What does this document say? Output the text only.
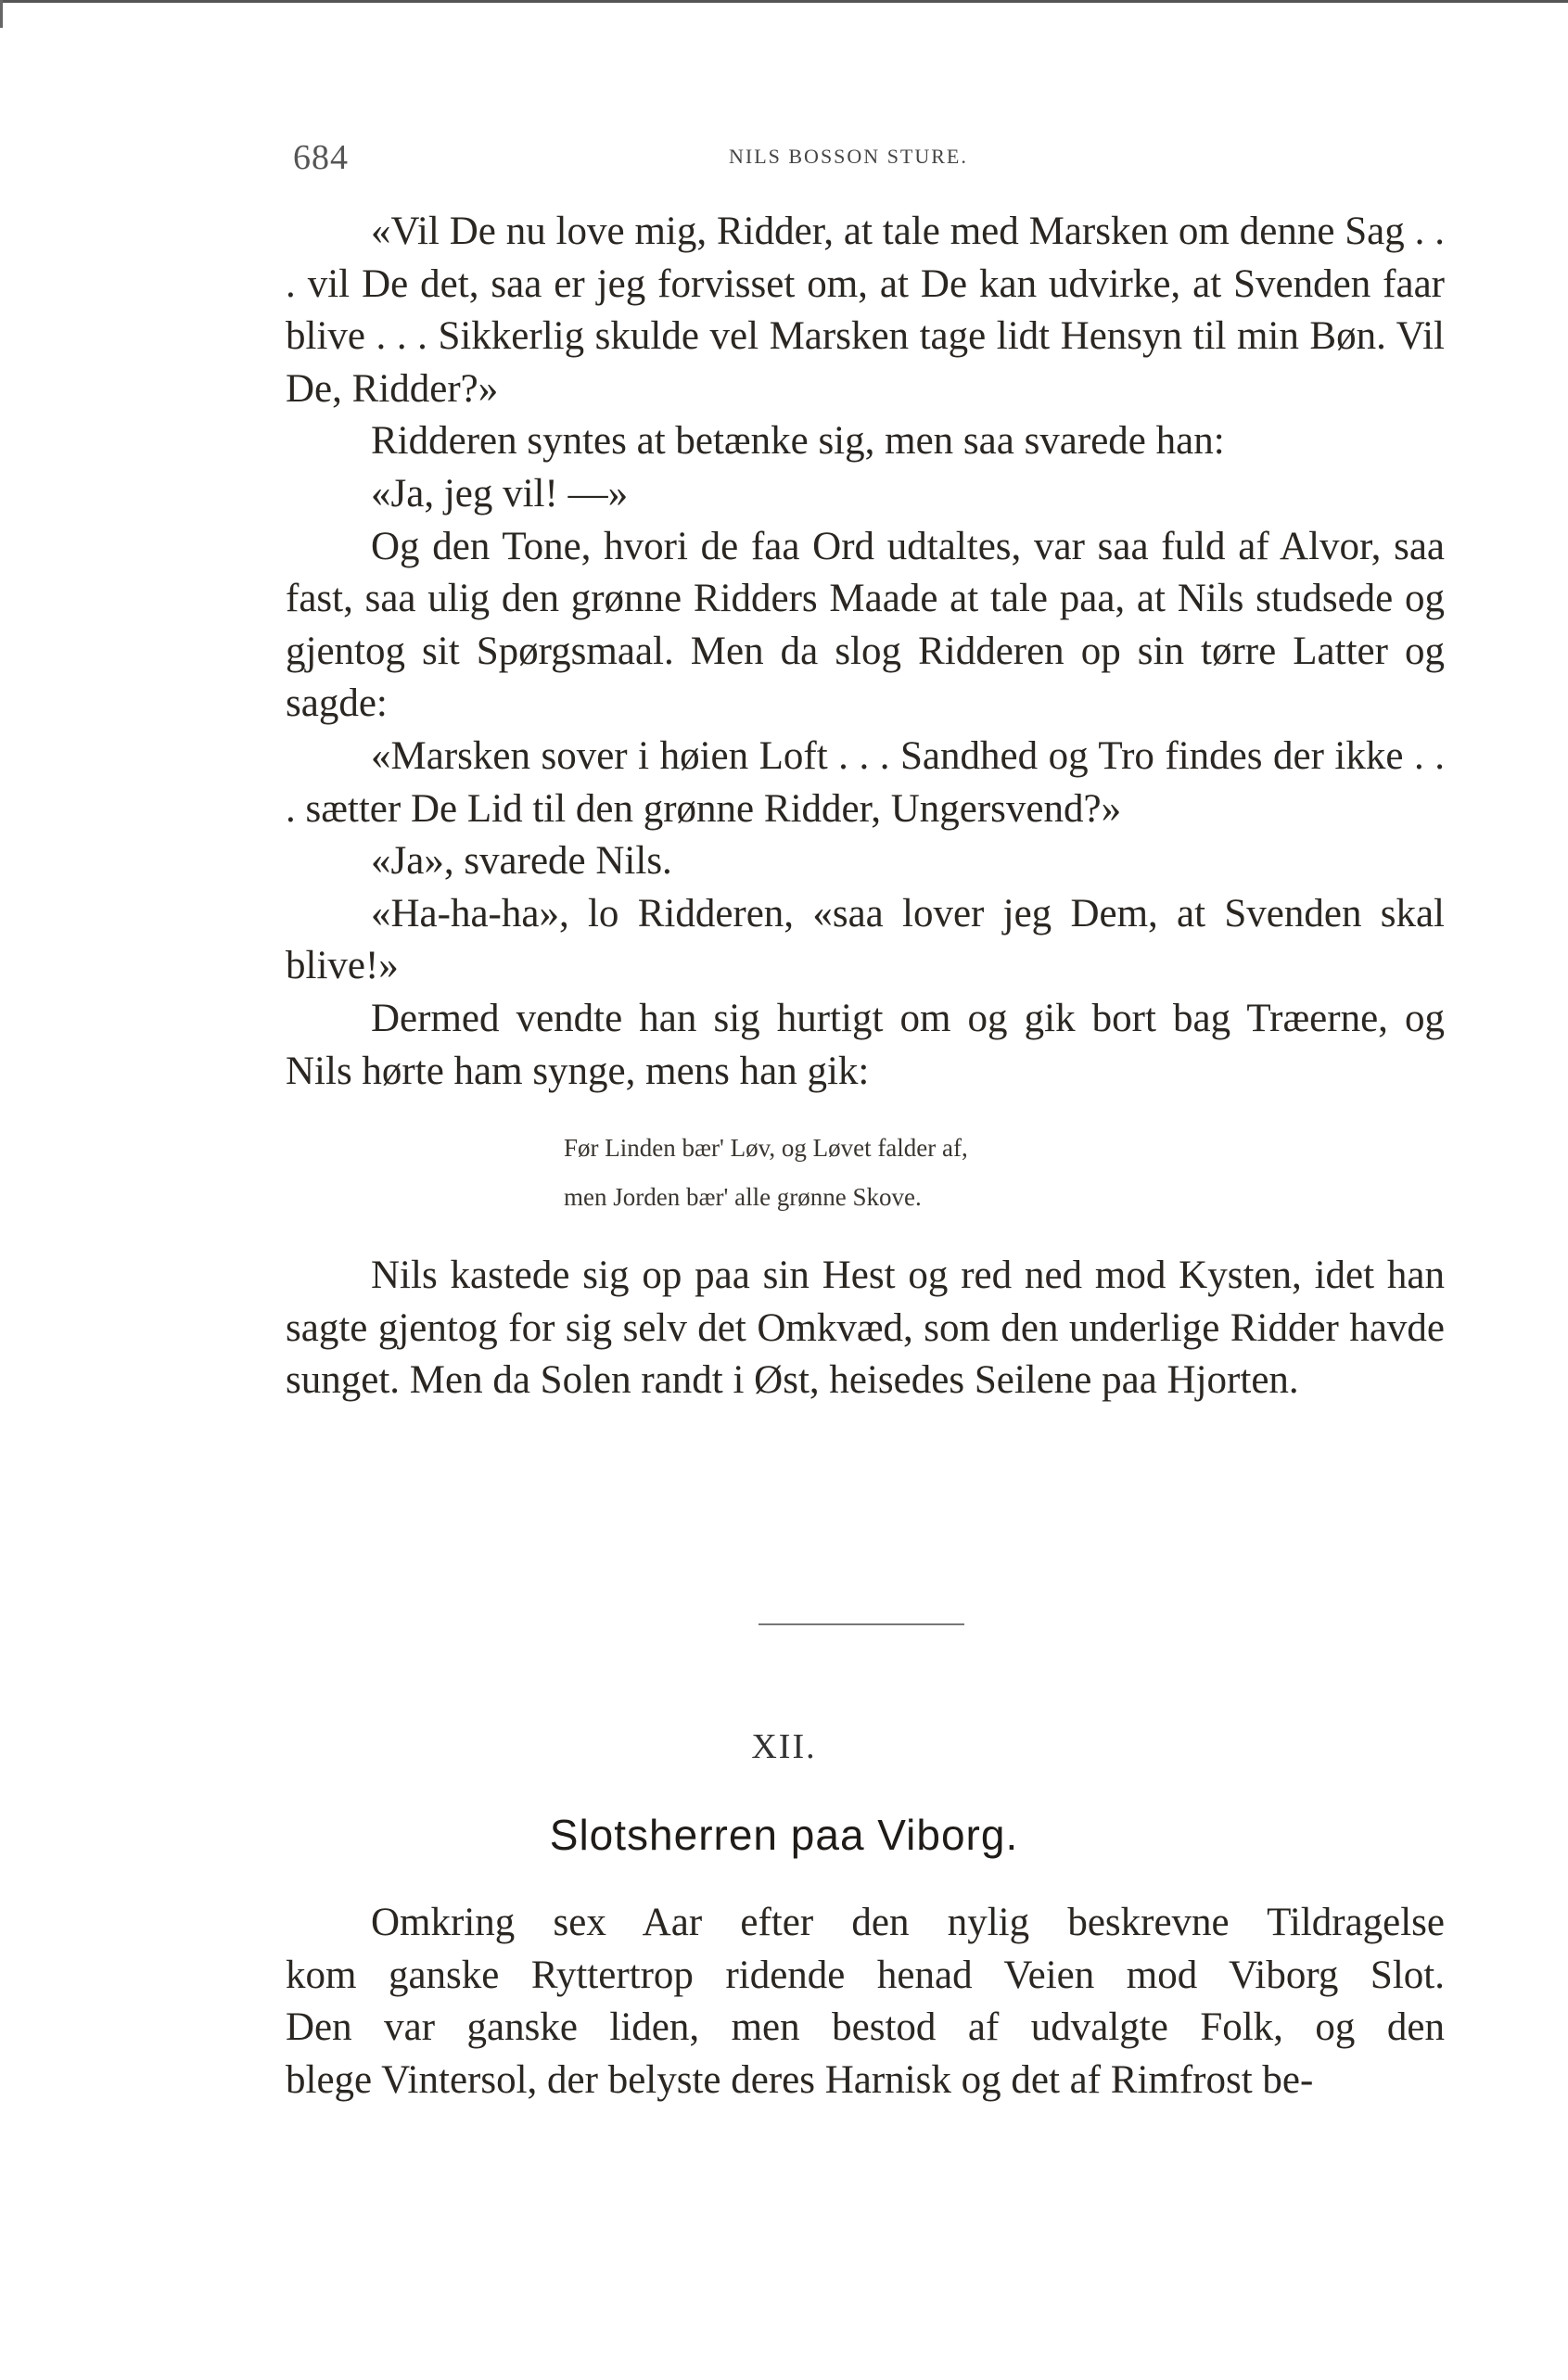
684	NILS BOSSON STURE.

«Vil De nu love mig, Ridder, at tale med Marsken om denne Sag . . . vil De det, saa er jeg forvisset om, at De kan udvirke, at Svenden faar blive . . . Sikkerlig skulde vel Marsken tage lidt Hensyn til min Bøn. Vil De, Ridder?»

Ridderen syntes at betænke sig, men saa svarede han:

«Ja, jeg vil! —»

Og den Tone, hvori de faa Ord udtaltes, var saa fuld af Alvor, saa fast, saa ulig den grønne Ridders Maade at tale paa, at Nils studsede og gjentog sit Spørgsmaal. Men da slog Ridderen op sin tørre Latter og sagde:

«Marsken sover i høien Loft . . . Sandhed og Tro findes der ikke . . . sætter De Lid til den grønne Ridder, Ungersvend?»

«Ja», svarede Nils.

«Ha-ha-ha», lo Ridderen, «saa lover jeg Dem, at Svenden skal blive!»

Dermed vendte han sig hurtigt om og gik bort bag Træerne, og Nils hørte ham synge, mens han gik:

Før Linden bær' Løv, og Løvet falder af,
men Jorden bær' alle grønne Skove.

Nils kastede sig op paa sin Hest og red ned mod Kysten, idet han sagte gjentog for sig selv det Omkvæd, som den underlige Ridder havde sunget. Men da Solen randt i Øst, heisedes Seilene paa Hjorten.

XII.
Slotsherren paa Viborg.
Omkring sex Aar efter den nylig beskrevne Tildragelse
kom ganske Ryttertrop ridende henad Veien mod Viborg Slot.
Den var ganske liden, men bestod af udvalgte Folk, og den
blege Vintersol, der belyste deres Harnisk og det af Rimfrost be-
